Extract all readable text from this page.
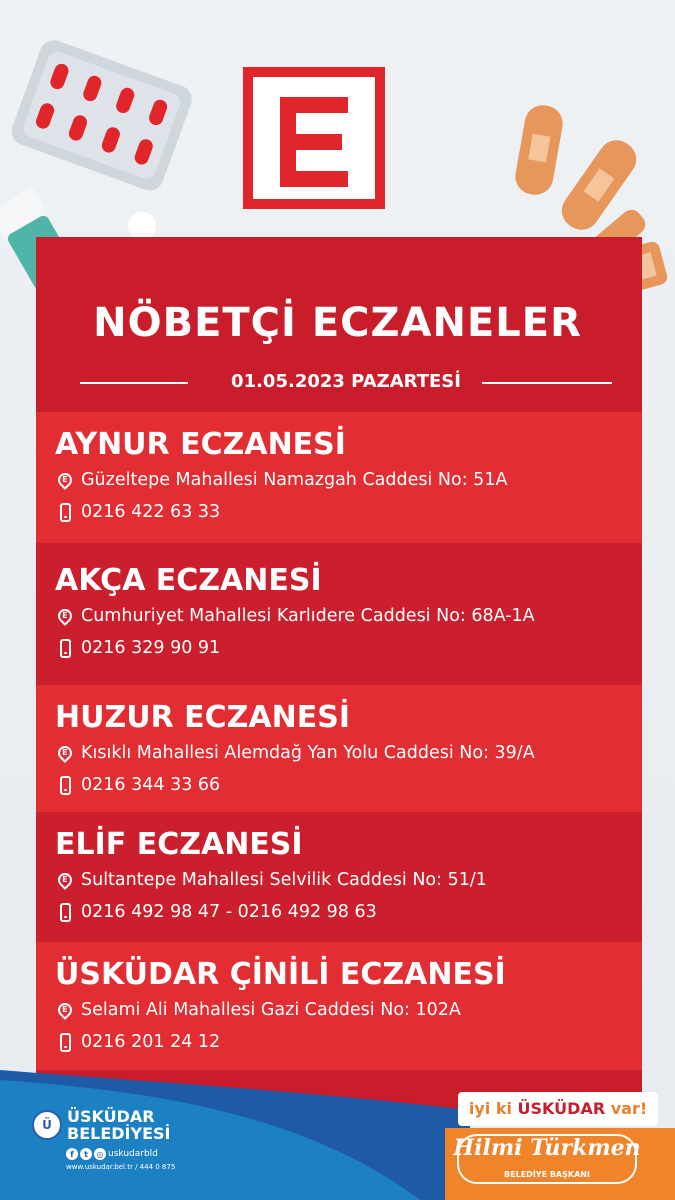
NÖBETÇİ ECZANELER
01.05.2023 PAZARTESİ
AYNUR ECZANESİ
E Güzeltepe Mahallesi Namazgah Caddesi No: 51A
0216 422 63 33
AKÇA ECZANESİ
E Cumhuriyet Mahallesi Karlıdere Caddesi No: 68A-1A
0216 329 90 91
HUZUR ECZANESİ
E Kısıklı Mahallesi Alemdağ Yan Yolu Caddesi No: 39/A
0216 344 33 66
ELİF ECZANESİ
E Sultantepe Mahallesi Selvilik Caddesi No: 51/1
0216 492 98 47 - 0216 492 98 63
ÜSKÜDAR ÇİNİLİ ECZANESİ
E Selami Ali Mahallesi Gazi Caddesi No: 102A
0216 201 24 12
Ü ÜSKÜDAR
BELEDİYESİ
f	t	◎ uskudarbld
www.uskudar.bel.tr / 444 0 875
iyi ki ÜSKÜDAR var!
Hilmi Türkmen
BELEDİYE BAŞKANI
